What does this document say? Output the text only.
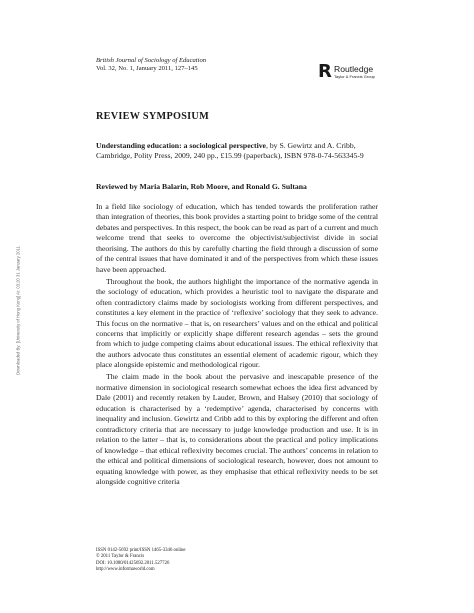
British Journal of Sociology of Education
Vol. 32, No. 1, January 2011, 127–145	R Routledge
Taylor & Francis Group
REVIEW SYMPOSIUM
Understanding education: a sociological perspective, by S. Gewirtz and A. Cribb, Cambridge, Polity Press, 2009, 240 pp., £15.99 (paperback), ISBN 978-0-74-563345-9
Reviewed by Maria Balarin, Rob Moore, and Ronald G. Sultana

In a field like sociology of education, which has tended towards the proliferation rather than integration of theories, this book provides a starting point to bridge some of the central debates and perspectives. In this respect, the book can be read as part of a current and much welcome trend that seeks to overcome the objectivist/subjectivist divide in social theorising. The authors do this by carefully charting the field through a discussion of some of the central issues that have dominated it and of the perspectives from which these issues have been approached.

Throughout the book, the authors highlight the importance of the normative agenda in the sociology of education, which provides a heuristic tool to navigate the disparate and often contradictory claims made by sociologists working from different perspectives, and constitutes a key element in the practice of ‘reflexive’ sociology that they seek to advance. This focus on the normative – that is, on researchers’ values and on the ethical and political concerns that implicitly or explicitly shape different research agendas – sets the ground from which to judge competing claims about educational issues. The ethical reflexivity that the authors advocate thus constitutes an essential element of academic rigour, which they place alongside epistemic and methodological rigour.

The claim made in the book about the pervasive and inescapable presence of the normative dimension in sociological research somewhat echoes the idea first advanced by Dale (2001) and recently retaken by Lauder, Brown, and Halsey (2010) that sociology of education is characterised by a ‘redemptive’ agenda, characterised by concerns with inequality and inclusion. Gewirtz and Cribb add to this by exploring the different and often contradictory criteria that are necessary to judge knowledge production and use. It is in relation to the latter – that is, to considerations about the practical and policy implications of knowledge – that ethical reflexivity becomes crucial. The authors’ concerns in relation to the ethical and political dimensions of sociological research, however, does not amount to equating knowledge with power, as they emphasise that ethical reflexivity needs to be set alongside cognitive criteria

ISSN 0142-5692 print/ISSN 1465-3346 online
© 2011 Taylor & Francis
DOI: 10.1080/01425692.2011.527726
http://www.informaworld.com
Downloaded By: [University of Hong Kong] At: 03:20 31 January 2011
